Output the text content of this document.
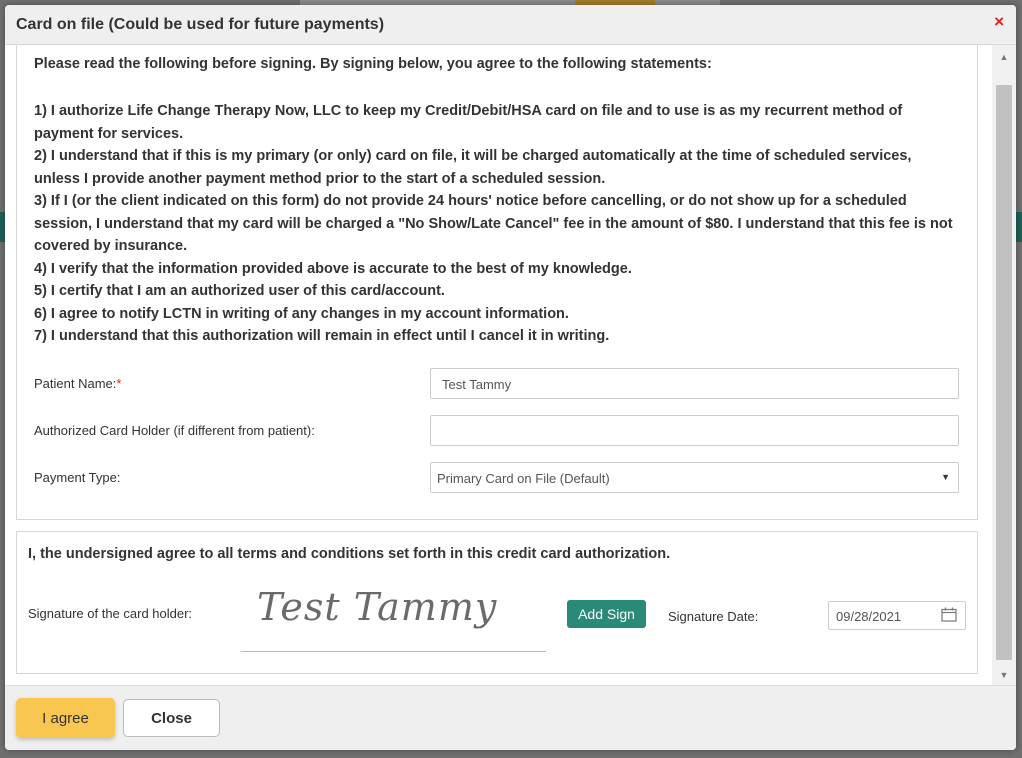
Card on file (Could be used for future payments)	×
Please read the following before signing. By signing below, you agree to the following statements:
1) I authorize Life Change Therapy Now, LLC to keep my Credit/Debit/HSA card on file and to use is as my recurrent method of payment for services.
2) I understand that if this is my primary (or only) card on file, it will be charged automatically at the time of scheduled services, unless I provide another payment method prior to the start of a scheduled session.
3) If I (or the client indicated on this form) do not provide 24 hours' notice before cancelling, or do not show up for a scheduled session, I understand that my card will be charged a "No Show/Late Cancel" fee in the amount of $80. I understand that this fee is not covered by insurance.
4) I verify that the information provided above is accurate to the best of my knowledge.
5) I certify that I am an authorized user of this card/account.
6) I agree to notify LCTN in writing of any changes in my account information.
7) I understand that this authorization will remain in effect until I cancel it in writing.
Patient Name:*	Test Tammy
Authorized Card Holder (if different from patient):
Payment Type:	Primary Card on File (Default)	▼
I, the undersigned agree to all terms and conditions set forth in this credit card authorization.
Signature of the card holder: Test Tammy	Add Sign	Signature Date:	09/28/2021
▲
▼
I agree	Close
